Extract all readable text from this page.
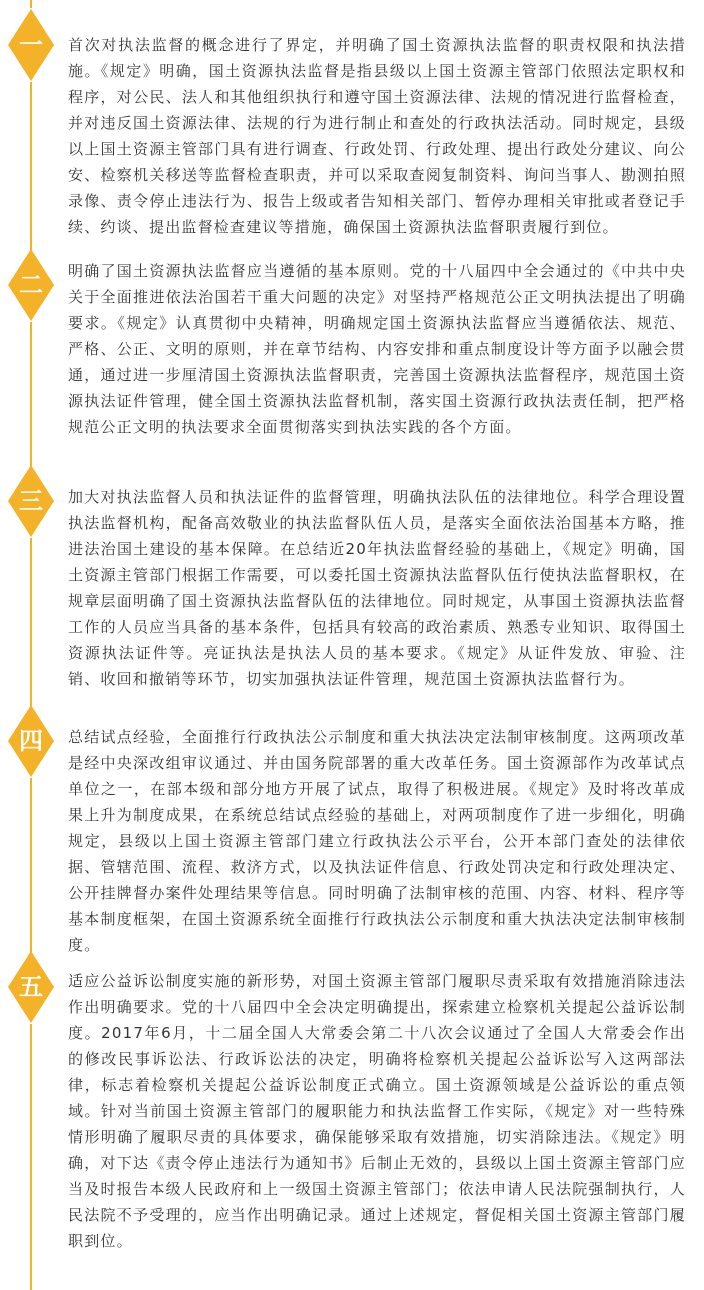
一	首次对执法监督的概念进行了界定，并明确了国土资源执法监督的职责权限和执法措施。《规定》明确，国土资源执法监督是指县级以上国土资源主管部门依照法定职权和程序，对公民、法人和其他组织执行和遵守国土资源法律、法规的情况进行监督检查，并对违反国土资源法律、法规的行为进行制止和查处的行政执法活动。同时规定，县级以上国土资源主管部门具有进行调查、行政处罚、行政处理、提出行政处分建议、向公安、检察机关移送等监督检查职责，并可以采取查阅复制资料、询问当事人、勘测拍照录像、责令停止违法行为、报告上级或者告知相关部门、暂停办理相关审批或者登记手续、约谈、提出监督检查建议等措施，确保国土资源执法监督职责履行到位。

二	明确了国土资源执法监督应当遵循的基本原则。党的十八届四中全会通过的《中共中央关于全面推进依法治国若干重大问题的决定》对坚持严格规范公正文明执法提出了明确要求。《规定》认真贯彻中央精神，明确规定国土资源执法监督应当遵循依法、规范、严格、公正、文明的原则，并在章节结构、内容安排和重点制度设计等方面予以融会贯通，通过进一步厘清国土资源执法监督职责，完善国土资源执法监督程序，规范国土资源执法证件管理，健全国土资源执法监督机制，落实国土资源行政执法责任制，把严格规范公正文明的执法要求全面贯彻落实到执法实践的各个方面。

三	加大对执法监督人员和执法证件的监督管理，明确执法队伍的法律地位。科学合理设置执法监督机构，配备高效敬业的执法监督队伍人员，是落实全面依法治国基本方略，推进法治国土建设的基本保障。在总结近20年执法监督经验的基础上，《规定》明确，国土资源主管部门根据工作需要，可以委托国土资源执法监督队伍行使执法监督职权，在规章层面明确了国土资源执法监督队伍的法律地位。同时规定，从事国土资源执法监督工作的人员应当具备的基本条件，包括具有较高的政治素质、熟悉专业知识、取得国土资源执法证件等。亮证执法是执法人员的基本要求。《规定》从证件发放、审验、注销、收回和撤销等环节，切实加强执法证件管理，规范国土资源执法监督行为。

四	总结试点经验，全面推行行政执法公示制度和重大执法决定法制审核制度。这两项改革是经中央深改组审议通过、并由国务院部署的重大改革任务。国土资源部作为改革试点单位之一，在部本级和部分地方开展了试点，取得了积极进展。《规定》及时将改革成果上升为制度成果，在系统总结试点经验的基础上，对两项制度作了进一步细化，明确规定，县级以上国土资源主管部门建立行政执法公示平台，公开本部门查处的法律依据、管辖范围、流程、救济方式，以及执法证件信息、行政处罚决定和行政处理决定、公开挂牌督办案件处理结果等信息。同时明确了法制审核的范围、内容、材料、程序等基本制度框架，在国土资源系统全面推行行政执法公示制度和重大执法决定法制审核制度。

五	适应公益诉讼制度实施的新形势，对国土资源主管部门履职尽责采取有效措施消除违法作出明确要求。党的十八届四中全会决定明确提出，探索建立检察机关提起公益诉讼制度。2017年6月，十二届全国人大常委会第二十八次会议通过了全国人大常委会作出的修改民事诉讼法、行政诉讼法的决定，明确将检察机关提起公益诉讼写入这两部法律，标志着检察机关提起公益诉讼制度正式确立。国土资源领域是公益诉讼的重点领域。针对当前国土资源主管部门的履职能力和执法监督工作实际，《规定》对一些特殊情形明确了履职尽责的具体要求，确保能够采取有效措施，切实消除违法。《规定》明确，对下达《责令停止违法行为通知书》后制止无效的，县级以上国土资源主管部门应当及时报告本级人民政府和上一级国土资源主管部门；依法申请人民法院强制执行，人民法院不予受理的，应当作出明确记录。通过上述规定，督促相关国土资源主管部门履职到位。
